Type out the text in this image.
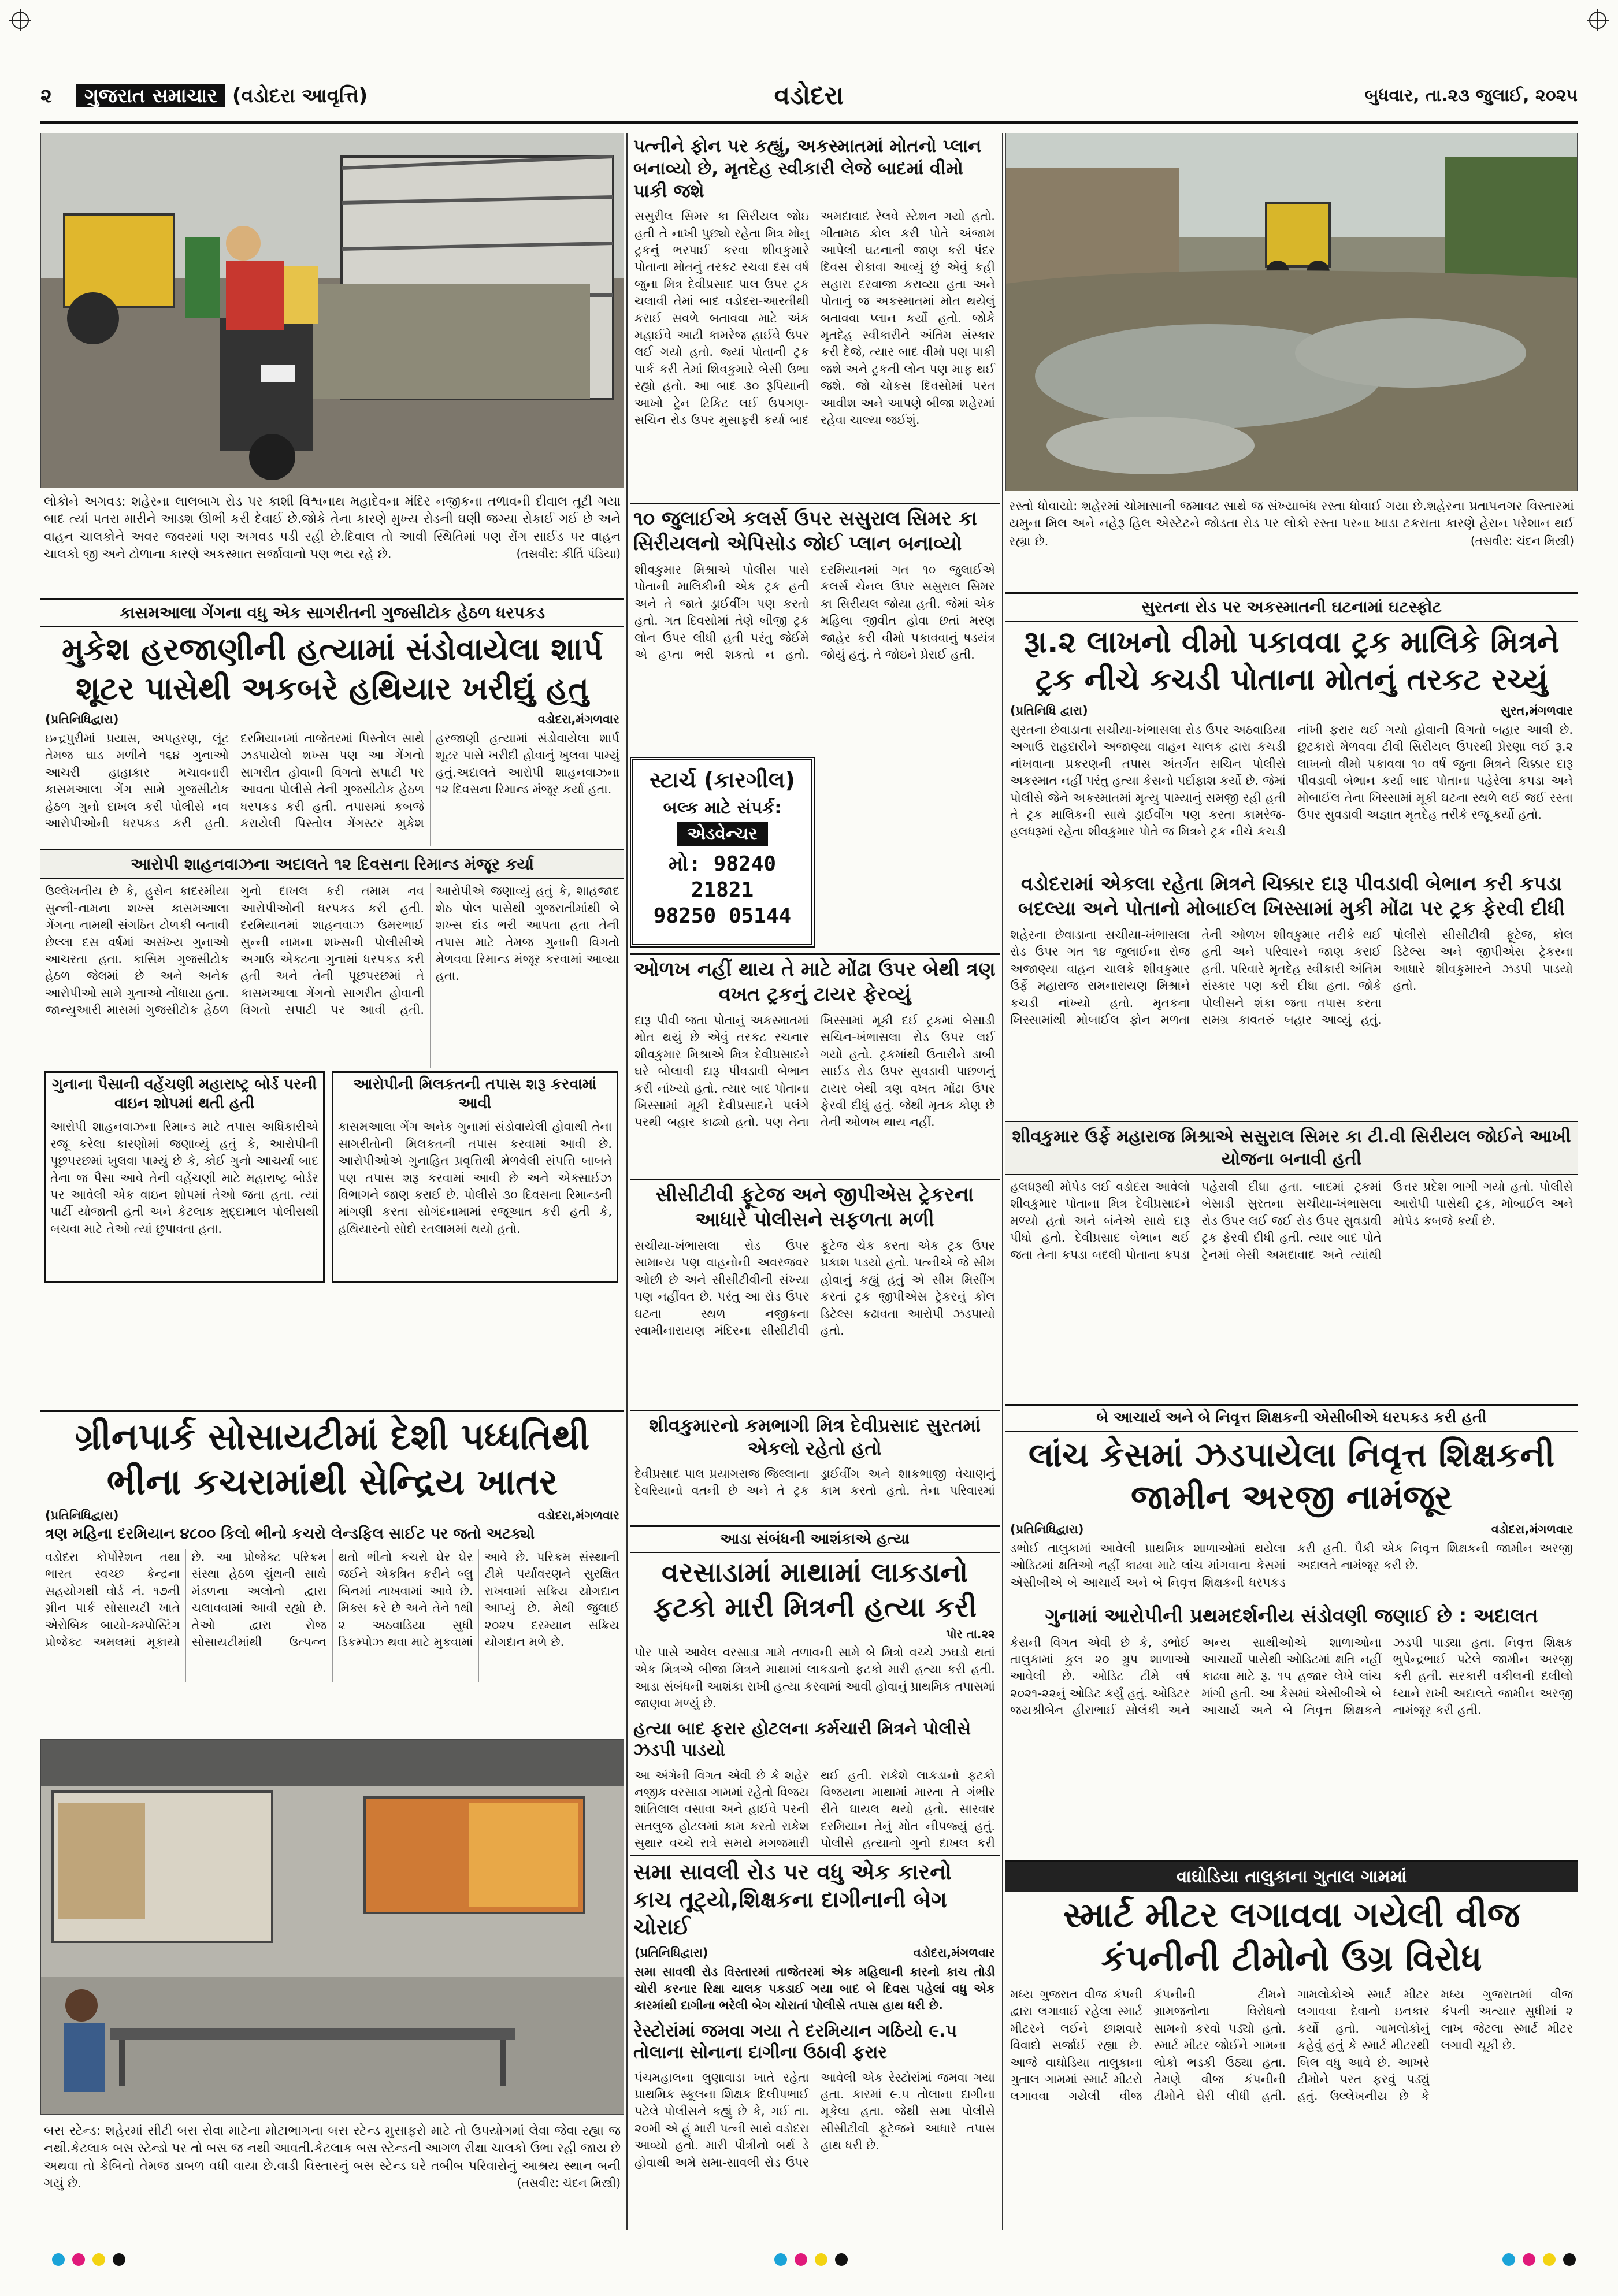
૨ ગુજરાત સમાચાર (વડોદરા આવૃત્તિ)	વડોદરા	બુધવાર, તા.૨૩ જુલાઈ, ૨૦૨૫
લોકોને અગવડ: શહેરના લાલબાગ રોડ પર કાશી વિશ્વનાથ મહાદેવના મંદિર નજીકના તળાવની દીવાલ તૂટી ગયા બાદ ત્યાં પતરા મારીને આડશ ઊભી કરી દેવાઈ છે.જોકે તેના કારણે મુખ્ય રોડની ઘણી જગ્યા રોકાઈ ગઈ છે અને વાહન ચાલકોને અવર જવરમાં પણ અગવડ પડી રહી છે.દિવાલ તો આવી સ્થિતિમાં પણ રોંગ સાઈડ પર વાહન ચાલકો જી અને ટોળાના કારણે અકસ્માત સર્જાવાનો પણ ભય રહે છે.	(તસવીર: કીર્તિ પંડિયા)
કાસમઆલા ગેંગના વધુ એક સાગરીતની ગુજસીટોક હેઠળ ધરપકડ
મુકેશ હરજાણીની હત્યામાં સંડોવાયેલા શાર્પ શૂટર પાસેથી અકબરે હથિયાર ખરીદ્યું હતુ
(પ્રતિનિધિદ્વારા)	વડોદરા,મંગળવાર
ઇન્દ્રપુરીમાં પ્રયાસ, અપહરણ, લૂંટ તેમજ ઘાડ મળીને ૧૬૪ ગુનાઓ આચરી હાહાકાર મચાવનારી કાસમઆલા ગેંગ સામે ગુજસીટોક હેઠળ ગુનો દાખલ કરી પોલીસે નવ આરોપીઓની ધરપકડ કરી હતી. દરમિયાનમાં તાજેતરમાં પિસ્તોલ સાથે ઝડપાયેલો શખ્સ પણ આ ગેંગનો સાગરીત હોવાની વિગતો સપાટી પર આવતા પોલીસે તેની ગુજસીટોક હેઠળ ધરપકડ કરી હતી. તપાસમાં કબજે કરાયેલી પિસ્તોલ ગેંગસ્ટર મુકેશ હરજાણી હત્યામાં સંડોવાયેલા શાર્પ શૂટર પાસે ખરીદી હોવાનું ખુલવા પામ્યું હતું.અદાલતે આરોપી શાહનવાઝના ૧૨ દિવસના રિમાન્ડ મંજૂર કર્યા હતા.
આરોપી શાહનવાઝના અદાલતે ૧૨ દિવસના રિમાન્ડ મંજૂર કર્યા
ઉલ્લેખનીય છે કે, હુસેન કાદરમીયા સુન્ની-નામના શખ્સ કાસમઆલા ગેંગના નામથી સંગઠિત ટોળકી બનાવી છેલ્લા દસ વર્ષમાં અસંખ્ય ગુનાઓ આચરતા હતા. કાસિમ ગુજસીટોક હેઠળ જેલમાં છે અને અનેક આરોપીઓ સામે ગુનાઓ નોંધાયા હતા. જાન્યુઆરી માસમાં ગુજસીટોક હેઠળ ગુનો દાખલ કરી તમામ નવ આરોપીઓની ધરપકડ કરી હતી. દરમિયાનમાં શાહનવાઝ ઉમરભાઈ સુન્ની નામના શખ્સની પોલીસીએ અગાઉ એક્ટના ગુનામાં ધરપકડ કરી હતી અને તેની પૂછપરછમાં તે કાસમઆલા ગેંગનો સાગરીત હોવાની વિગતો સપાટી પર આવી હતી. આરોપીએ જણાવ્યું હતું કે, શાહજાદ શેઠ પોલ પાસેથી ગુજરાતીમાંથી બે શખ્સ દાંડ ભરી આપતા હતા તેની તપાસ માટે તેમજ ગુનાની વિગતો મેળવવા રિમાન્ડ મંજૂર કરવામાં આવ્યા હતા.
ગુનાના પૈસાની વહેંચણી મહારાષ્ટ્ર બોર્ડ પરની વાઇન શોપમાં થતી હતી
આરોપી શાહનવાઝના રિમાન્ડ માટે તપાસ અધિકારીએ રજૂ કરેલા કારણોમાં જણાવ્યું હતું કે, આરોપીની પૂછપરછમાં ખુલવા પામ્યું છે કે, કોઈ ગુનો આચર્યા બાદ તેના જ પૈસા આવે તેની વહેંચણી માટે મહારાષ્ટ્ર બોર્ડર પર આવેલી એક વાઇન શોપમાં તેઓ જતા હતા. ત્યાં પાર્ટી યોજાતી હતી અને કેટલાક મુદ્દામાલ પોલીસથી બચવા માટે તેઓ ત્યાં છુપાવતા હતા.
આરોપીની મિલકતની તપાસ શરૂ કરવામાં આવી
કાસમઆલા ગેંગ અનેક ગુનામાં સંડોવાયેલી હોવાથી તેના સાગરીતોની મિલકતની તપાસ કરવામાં આવી છે. આરોપીઓએ ગુનાહિત પ્રવૃત્તિથી મેળવેલી સંપત્તિ બાબતે પણ તપાસ શરૂ કરવામાં આવી છે અને એક્સાઈઝ વિભાગને જાણ કરાઈ છે. પોલીસે ૩૦ દિવસના રિમાન્ડની માંગણી કરતા સોગંદનામામાં રજૂઆત કરી હતી કે, હથિયારનો સોદો રતલામમાં થયો હતો.
ગ્રીનપાર્ક સોસાયટીમાં દેશી પધ્ધતિથી ભીના કચરામાંથી સેન્દ્રિય ખાતર
(પ્રતિનિધિદ્વારા)	વડોદરા,મંગળવાર
ત્રણ મહિના દરમિયાન ૪૮૦૦ કિલો ભીનો કચરો લેન્ડફિલ સાઈટ પર જતો અટક્યો
વડોદરા કોર્પોરેશન તથા ભારત સ્વચ્છ કેન્દ્રના સહયોગથી વોર્ડ નં. ૧૭ની ગ્રીન પાર્ક સોસાયટી ખાતે એરોબિક બાયો-કમ્પોસ્ટિંગ પ્રોજેક્ટ અમલમાં મૂકાયો છે. આ પ્રોજેક્ટ પરિક્રમ સંસ્થા હેઠળ ચુંથની સાથે મંડળના અલોનો દ્વારા ચલાવવામાં આવી રહ્યો છે. તેઓ દ્વારા રોજ સોસાયટીમાંથી ઉત્પન્ન થતો ભીનો કચરો ઘેર ઘેર જઈને એકત્રિત કરીને બ્લુ બિનમાં નાખવામાં આવે છે. મિક્સ કરે છે અને તેને ૧થી ૨ અઠવાડિયા સુધી ડિકમ્પોઝ થવા માટે મુકવામાં આવે છે. પરિક્રમ સંસ્થાની ટીમે પર્યાવરણને સુરક્ષિત રાખવામાં સક્રિય યોગદાન આપ્યું છે. મેથી જુલાઈ ૨૦૨૫ દરમ્યાન સક્રિય યોગદાન મળે છે.
બસ સ્ટેન્ડ: શહેરમાં સીટી બસ સેવા માટેના મોટાભાગના બસ સ્ટેન્ડ મુસાફરો માટે તો ઉપયોગમાં લેવા જેવા રહ્યા જ નથી.કેટલાક બસ સ્ટેન્ડો પર તો બસ જ નથી આવતી.કેટલાક બસ સ્ટેન્ડની આગળ રીક્ષા ચાલકો ઉભા રહી જાય છે અથવા તો કેબિનો તેમજ ડાબળ વધી વાયા છે.વાડી વિસ્તારનું બસ સ્ટેન્ડ ઘરે તબીબ પરિવારોનું આશ્રય સ્થાન બની ગયું છે.	(તસવીર: ચંદન મિસ્ત્રી)
પત્નીને ફોન પર કહ્યું, અકસ્માતમાં મોતનો પ્લાન બનાવ્યો છે, મૃતદેહ સ્વીકારી લેજે બાદમાં વીમો પાકી જશે
સસુરીલ સિમર કા સિરીયલ જોઇ હતી તે નાખી પુછ્યો રહેતા મિત્ર મોનુ ટ્રકનું ભરપાઈ કરવા શીવકુમારે પોતાના મોતનું તરકટ રચવા દસ વર્ષ જુના મિત્ર દેવીપ્રસાદ પાલ ઉપર ટ્રક ચલાવી તેમાં બાદ વડોદરા-આરતીથી કરાઈ સવળે બતાવવા માટે અંક મહાઈવે આટી કામરેજ હાઈવે ઉપર લઈ ગયો હતો. જ્યાં પોતાની ટ્રક પાર્ક કરી તેમાં શિવકુમારે બેસી ઉભા રહ્યો હતો. આ બાદ ૩૦ રૂપિયાની આખો ટ્રેન ટિકિટ લઈ ઉપગણ-સચિન રોડ ઉપર મુસાફરી કર્યા બાદ અમદાવાદ રેલવે સ્ટેશન ગયો હતો. ગીતામઠ કોલ કરી પોતે અંજામ આપેલી ઘટનાની જાણ કરી પંદર દિવસ રોકાવા આવ્યું છું એવું કહી સહારા દરવાજા કરાવ્યા હતા અને પોતાનું જ અકસ્માતમાં મોત થયેલું બતાવવા પ્લાન કર્યો હતો. જોકે મૃતદેહ સ્વીકારીને અંતિમ સંસ્કાર કરી દેજે, ત્યાર બાદ વીમો પણ પાકી જશે અને ટ્રકની લોન પણ માફ થઈ જશે. જો ચોકસ દિવસોમાં પરત આવીશ અને આપણે બીજા શહેરમાં રહેવા ચાલ્યા જઈશું.
૧૦ જુલાઈએ કલર્સ ઉપર સસુરાલ સિમર કા સિરીયલનો એપિસોડ જોઈ પ્લાન બનાવ્યો
શીવકુમાર મિશ્રાએ પોલીસ પાસે પોતાની માલિકીની એક ટ્રક હતી અને તે જાતે ડ્રાઈવીંગ પણ કરતો હતો. ગત દિવસોમાં તેણે બીજી ટ્રક લોન ઉપર લીધી હતી પરંતુ જેઈમે એ હપ્તા ભરી શકતો ન હતો. દરમિયાનમાં ગત ૧૦ જુલાઈએ કલર્સ ચેનલ ઉપર સસુરાલ સિમર કા સિરીયલ જોયા હતી. જેમાં એક મહિલા જીવીત હોવા છતાં મરણ જાહેર કરી વીમો પકાવવાનું ષડયંત્ર જોયું હતું. તે જોઇને પ્રેરાઈ હતી.
સ્ટાર્ચ (કારગીલ)
બલ્ક માટે સંપર્ક:
એડવેન્ચર
મો: 98240 21821
98250 05144
ઓળખ નહીં થાય તે માટે મોંઢા ઉપર બેથી ત્રણ વખત ટ્રકનું ટાયર ફેરવ્યું
દારૂ પીવી જતા પોતાનું અકસ્માતમાં મોત થયું છે એવું તરકટ રચનાર શીવકુમાર મિશ્રાએ મિત્ર દેવીપ્રસાદને ઘરે બોલાવી દારૂ પીવડાવી બેભાન કરી નાંખ્યો હતો. ત્યાર બાદ પોતાના ખિસ્સામાં મૂકી દેવીપ્રસાદને પલંગે પરથી બહાર કાઢ્યો હતો. પણ તેના ખિસ્સામાં મૂકી દઈ ટ્રકમાં બેસાડી સચિન-ખંભાસલા રોડ ઉપર લઈ ગયો હતો. ટ્રકમાંથી ઉતારીને ડાબી સાઈડ રોડ ઉપર સુવડાવી પાછળનું ટાયર બેથી ત્રણ વખત મોંઢા ઉપર ફેરવી દીધું હતું. જેથી મૃતક કોણ છે તેની ઓળખ થાય નહીં.
સીસીટીવી ફૂટેજ અને જીપીએસ ટ્રેકરના આધારે પોલીસને સફળતા મળી
સચીયા-ખંભાસલા રોડ ઉપર સામાન્ય પણ વાહનોની અવરજવર ઓછી છે અને સીસીટીવીની સંખ્યા પણ નહીંવત છે. પરંતુ આ રોડ ઉપર ઘટના સ્થળ નજીકના સ્વામીનારાયણ મંદિરના સીસીટીવી ફૂટેજ ચેક કરતા એક ટ્રક ઉપર પ્રકાશ પડયો હતો. પત્નીએ જે સીમ હોવાનું કહ્યું હતું એ સીમ મિસીંગ કરતાં ટ્રક જીપીએસ ટ્રેકરનું કોલ ડિટેલ્સ કઢાવતા આરોપી ઝડપાયો હતો.
શીવકુમારનો કમભાગી મિત્ર દેવીપ્રસાદ સુરતમાં એકલો રહેતો હતો
દેવીપ્રસાદ પાલ પ્રયાગરાજ જિલ્લાના દેવરિયાનો વતની છે અને તે ટ્રક ડ્રાઈવીંગ અને શાકભાજી વેચાણનું કામ કરતો હતો. તેના પરિવારમાં
આડા સંબંધની આશંકાએ હત્યા
વરસાડામાં માથામાં લાકડાનો ફટકો મારી મિત્રની હત્યા કરી
પોર તા.૨૨
પોર પાસે આવેલ વરસાડા ગામે તળાવની સામે બે મિત્રો વચ્ચે ઝઘડો થતાં એક મિત્રએ બીજા મિત્રને માથામાં લાકડાનો ફટકો મારી હત્યા કરી હતી. આડા સંબંધની આશંકા રાખી હત્યા કરવામાં આવી હોવાનું પ્રાથમિક તપાસમાં જાણવા મળ્યું છે.
હત્યા બાદ ફરાર હોટલના કર્મચારી મિત્રને પોલીસે ઝડપી પાડયો
આ અંગેની વિગત એવી છે કે શહેર નજીક વરસાડા ગામમાં રહેતો વિજય શાંતિલાલ વસાવા અને હાઈવે પરની સતલુજ હોટલમાં કામ કરતો રાકેશ સુથાર વચ્ચે રાત્રે સમયે મગજમારી થઈ હતી. રાકેશે લાકડાનો ફટકો વિજયના માથામાં મારતા તે ગંભીર રીતે ઘાયલ થયો હતો. સારવાર દરમિયાન તેનું મોત નીપજ્યું હતું. પોલીસે હત્યાનો ગુનો દાખલ કરી
સમા સાવલી રોડ પર વધુ એક કારનો કાચ તૂટ્યો,શિક્ષકના દાગીનાની બેગ ચોરાઈ
(પ્રતિનિધિદ્વારા)	વડોદરા,મંગળવાર
સમા સાવલી રોડ વિસ્તારમાં તાજેતરમાં એક મહિલાની કારનો કાચ તોડી ચોરી કરનાર રિક્ષા ચાલક પકડાઈ ગયા બાદ બે દિવસ પહેલાં વધુ એક કારમાંથી દાગીના ભરેલી બેગ ચોરાતાં પોલીસે તપાસ હાથ ધરી છે.
રેસ્ટોરાંમાં જમવા ગયા તે દરમિયાન ગઠિયો ૯.૫ તોલાના સોનાના દાગીના ઉઠાવી ફરાર
પંચમહાલના લુણાવાડા ખાતે રહેતા પ્રાથમિક સ્કૂલના શિક્ષક દિલીપભાઈ પટેલે પોલીસને કહ્યું છે કે, ગઈ તા. ૨૦મી એ હું મારી પત્ની સાથે વડોદરા આવ્યો હતો. મારી પૌત્રીનો બર્થ ડે હોવાથી અમે સમા-સાવલી રોડ ઉપર આવેલી એક રેસ્ટોરાંમાં જમવા ગયા હતા. કારમાં ૯.૫ તોલાના દાગીના મૂકેલા હતા. જેથી સમા પોલીસે સીસીટીવી ફૂટેજને આધારે તપાસ હાથ ધરી છે.
રસ્તો ધોવાયો: શહેરમાં ચોમાસાની જમાવટ સાથે જ સંખ્યાબંધ રસ્તા ધોવાઈ ગયા છે.શહેરના પ્રતાપનગર વિસ્તારમાં યમુના મિલ અને નહેરૂ હિલ એસ્ટેટને જોડતા રોડ પર લોકો રસ્તા પરના ખાડા ટકરાતા કારણે હેરાન પરેશાન થઈ રહ્યા છે.	(તસવીર: ચંદન મિસ્ત્રી)
સુરતના રોડ પર અકસ્માતની ઘટનામાં ઘટસ્ફોટ
રૂા.૨ લાખનો વીમો પકાવવા ટ્રક માલિકે મિત્રને ટ્રક નીચે કચડી પોતાના મોતનું તરકટ રચ્યું
(પ્રતિનિધિ દ્વારા)	સુરત,મંગળવાર
સુરતના છેવાડાના સચીયા-ખંભાસલા રોડ ઉપર અઠવાડિયા અગાઉ રાહદારીને અજાણ્યા વાહન ચાલક દ્વારા કચડી નાંખવાના પ્રકરણની તપાસ અંતર્ગત સચિન પોલીસે અકસ્માત નહીં પરંતુ હત્યા કેસનો પર્દાફાશ કર્યો છે. જેમાં પોલીસે જેને અકસ્માતમાં મૃત્યુ પામ્યાનું સમજી રહી હતી તે ટ્રક માલિકની સાથે ડ્રાઈવીંગ પણ કરતા કામરેજ-હલધરૂમાં રહેતા શીવકુમાર પોતે જ મિત્રને ટ્રક નીચે કચડી નાંખી ફરાર થઈ ગયો હોવાની વિગતો બહાર આવી છે. છુટકારો મેળવવા ટીવી સિરીયલ ઉપરથી પ્રેરણા લઈ રૂ.૨ લાખનો વીમો પકાવવા ૧૦ વર્ષ જુના મિત્રને ચિક્કાર દારૂ પીવડાવી બેભાન કર્યા બાદ પોતાના પહેરેલા કપડા અને મોબાઈલ તેના ખિસ્સામાં મૂકી ઘટના સ્થળે લઈ જઈ રસ્તા ઉપર સુવડાવી અજ્ઞાત મૃતદેહ તરીકે રજૂ કર્યો હતો.
વડોદરામાં એકલા રહેતા મિત્રને ચિક્કાર દારૂ પીવડાવી બેભાન કરી કપડા બદલ્યા અને પોતાનો મોબાઈલ ખિસ્સામાં મુકી મોંઢા પર ટ્રક ફેરવી દીધી
શહેરના છેવાડાના સચીયા-ખંભાસલા રોડ ઉપર ગત ૧૪ જુલાઈના રોજ અજાણ્યા વાહન ચાલકે શીવકુમાર ઉર્ફે મહારાજ રામનારાયણ મિશ્રાને કચડી નાંખ્યો હતો. મૃતકના ખિસ્સામાંથી મોબાઈલ ફોન મળતા તેની ઓળખ શીવકુમાર તરીકે થઈ હતી અને પરિવારને જાણ કરાઈ હતી. પરિવારે મૃતદેહ સ્વીકારી અંતિમ સંસ્કાર પણ કરી દીધા હતા. જોકે પોલીસને શંકા જતા તપાસ કરતા સમગ્ર કાવતરું બહાર આવ્યું હતું. પોલીસે સીસીટીવી ફૂટેજ, કોલ ડિટેલ્સ અને જીપીએસ ટ્રેકરના આધારે શીવકુમારને ઝડપી પાડયો હતો.
શીવકુમાર ઉર્ફે મહારાજ મિશ્રાએ સસુરાલ સિમર કા ટી.વી સિરીયલ જોઈને આખી યોજના બનાવી હતી
હલધરૂથી મોપેડ લઈ વડોદરા આવેલો શીવકુમાર પોતાના મિત્ર દેવીપ્રસાદને મળ્યો હતો અને બંનેએ સાથે દારૂ પીધો હતો. દેવીપ્રસાદ બેભાન થઈ જતા તેના કપડા બદલી પોતાના કપડા પહેરાવી દીધા હતા. બાદમાં ટ્રકમાં બેસાડી સુરતના સચીયા-ખંભાસલા રોડ ઉપર લઈ જઈ રોડ ઉપર સુવડાવી ટ્રક ફેરવી દીધી હતી. ત્યાર બાદ પોતે ટ્રેનમાં બેસી અમદાવાદ અને ત્યાંથી ઉત્તર પ્રદેશ ભાગી ગયો હતો. પોલીસે આરોપી પાસેથી ટ્રક, મોબાઈલ અને મોપેડ કબજે કર્યા છે.
બે આચાર્ય અને બે નિવૃત્ત શિક્ષકની એસીબીએ ધરપકડ કરી હતી
લાંચ કેસમાં ઝડપાયેલા નિવૃત્ત શિક્ષકની જામીન અરજી નામંજૂર
(પ્રતિનિધિદ્વારા)	વડોદરા,મંગળવાર
ડભોઈ તાલુકામાં આવેલી પ્રાથમિક શાળાઓમાં થયેલા ઓડિટમાં ક્ષતિઓ નહીં કાઢવા માટે લાંચ માંગવાના કેસમાં એસીબીએ બે આચાર્ય અને બે નિવૃત્ત શિક્ષકની ધરપકડ કરી હતી. પૈકી એક નિવૃત્ત શિક્ષકની જામીન અરજી અદાલતે નામંજૂર કરી છે.
ગુનામાં આરોપીની પ્રથમદર્શનીય સંડોવણી જણાઈ છે : અદાલત
કેસની વિગત એવી છે કે, ડભોઈ તાલુકામાં કુલ ૨૦ ગ્રુપ શાળાઓ આવેલી છે. ઓડિટ ટીમે વર્ષ ૨૦૨૧-૨૨નું ઓડિટ કર્યું હતું. ઓડિટર જયશ્રીબેન હીરાભાઈ સોલંકી અને અન્ય સાથીઓએ શાળાઓના આચાર્યો પાસેથી ઓડિટમાં ક્ષતિ નહીં કાઢવા માટે રૂ. ૧૫ હજાર લેખે લાંચ માંગી હતી. આ કેસમાં એસીબીએ બે આચાર્ય અને બે નિવૃત્ત શિક્ષકને ઝડપી પાડ્યા હતા. નિવૃત્ત શિક્ષક ભુપેન્દ્રભાઈ પટેલે જામીન અરજી કરી હતી. સરકારી વકીલની દલીલો ધ્યાને રાખી અદાલતે જામીન અરજી નામંજૂર કરી હતી.
વાઘોડિયા તાલુકાના ગુતાલ ગામમાં
સ્માર્ટ મીટર લગાવવા ગયેલી વીજ કંપનીની ટીમોનો ઉગ્ર વિરોધ
મધ્ય ગુજરાત વીજ કંપની દ્વારા લગાવાઈ રહેલા સ્માર્ટ મીટરને લઈને છાશવારે વિવાદો સર્જાઈ રહ્યા છે. આજે વાઘોડિયા તાલુકાના ગુતાલ ગામમાં સ્માર્ટ મીટરો લગાવવા ગયેલી વીજ કંપનીની ટીમને ગ્રામજનોના વિરોધનો સામનો કરવો પડ્યો હતો. સ્માર્ટ મીટર જોઈને ગામના લોકો ભડકી ઉઠ્યા હતા. તેમણે વીજ કંપનીની ટીમોને ઘેરી લીધી હતી. ગામલોકોએ સ્માર્ટ મીટર લગાવવા દેવાનો ઇનકાર કર્યો હતો. ગામલોકોનું કહેવું હતું કે સ્માર્ટ મીટરથી બિલ વધુ આવે છે. આખરે ટીમોને પરત ફરવું પડ્યું હતું. ઉલ્લેખનીય છે કે મધ્ય ગુજરાતમાં વીજ કંપની અત્યાર સુધીમાં ૨ લાખ જેટલા સ્માર્ટ મીટર લગાવી ચૂકી છે.
